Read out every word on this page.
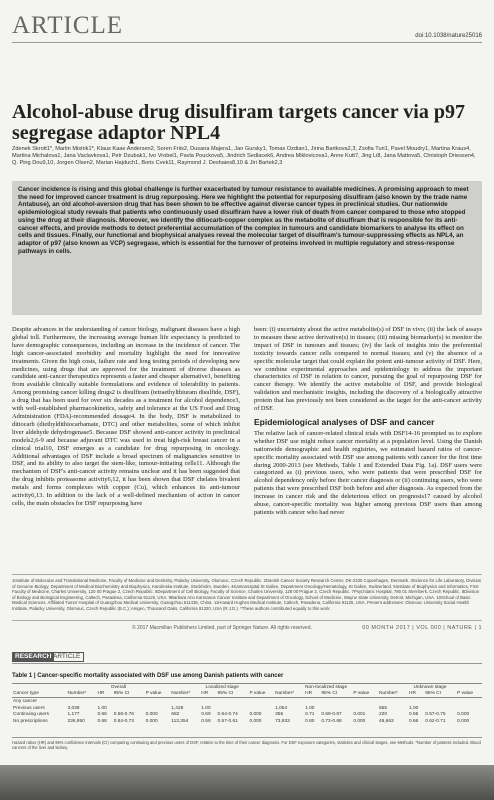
ARTICLE	doi:10.1038/nature25016
Alcohol-abuse drug disulfiram targets cancer via p97 segregase adaptor NPL4

Zdenek Skrott1*, Martin Mistrik1*, Klaus Kaae Andersen2, Soren Friis2, Dusana Majera1, Jan Gursky1, Tomas Ozdian1, Jirina Bartkova2,3, Zsofia Turi1, Pavel Moudry1, Martina Kraus4, Martina Michalova1, Jana Vaclavkova1, Petr Dzubak1, Ivo Vrobel1, Pavla Pouckova5, Jindrich Sedlacek6, Andrea Miklovicova1, Anne Kutt7, Jing Li8, Jana Mattova5, Christoph Driessen4, Q. Ping Dou9,10, Jorgen Olsen2, Marian Hajduch1, Boris Cvek11, Raymond J. Deshaies8,10 & Jiri Bartek2,3

Cancer incidence is rising and this global challenge is further exacerbated by tumour resistance to available medicines. A promising approach to meet the need for improved cancer treatment is drug repurposing. Here we highlight the potential for repurposing disulfiram (also known by the trade name Antabuse), an old alcohol-aversion drug that has been shown to be effective against diverse cancer types in preclinical studies. Our nationwide epidemiological study reveals that patients who continuously used disulfiram have a lower risk of death from cancer compared to those who stopped using the drug at their diagnosis. Moreover, we identify the ditiocarb-copper complex as the metabolite of disulfiram that is responsible for its anti-cancer effects, and provide methods to detect preferential accumulation of the complex in tumours and candidate biomarkers to analyse its effect on cells and tissues. Finally, our functional and biophysical analyses reveal the molecular target of disulfiram's tumour-suppressing effects as NPL4, an adaptor of p97 (also known as VCP) segregase, which is essential for the turnover of proteins involved in multiple regulatory and stress-response pathways in cells.

Despite advances in the understanding of cancer biology, malignant diseases have a high global toll. Furthermore, the increasing average human life expectancy is predicted to have demographic consequences, including an increase in the incidence of cancer. The high cancer-associated morbidity and mortality highlight the need for innovative treatments. Given the high costs, failure rate and long testing periods of developing new medicines, using drugs that are approved for the treatment of diverse diseases as candidate anti-cancer therapeutics represents a faster and cheaper alternative1, benefiting from available clinically suitable formulations and evidence of tolerability in patients. Among promising cancer killing drugs2 is disulfiram (tetraethylthiuram disulfide, DSF), a drug that has been used for over six decades as a treatment for alcohol dependence3, with well-established pharmacokinetics, safety and tolerance at the US Food and Drug Administration (FDA)-recommended dosage4. In the body, DSF is metabolized to ditiocarb (diethyldithiocarbamate, DTC) and other metabolites, some of which inhibit liver aldehyde dehydrogenase5. Because DSF showed anti-cancer activity in preclinical models2,6-9 and because adjuvant DTC was used to treat high-risk breast cancer in a clinical trial10, DSF emerges as a candidate for drug repurposing in oncology. Additional advantages of DSF include a broad spectrum of malignancies sensitive to DSF, and its ability to also target the stem-like, tumour-initiating cells11. Although the mechanism of DSF's anti-cancer activity remains unclear and it has been suggested that the drug inhibits proteasome activity6,12, it has been shown that DSF chelates bivalent metals and forms complexes with copper (Cu), which enhances its anti-tumour activity6,13. In addition to the lack of a well-defined mechanism of action in cancer cells, the main obstacles for DSF repurposing have

been: (i) uncertainty about the active metabolite(s) of DSF in vivo; (ii) the lack of assays to measure these active derivative(s) in tissues; (iii) missing biomarker(s) to monitor the impact of DSF in tumours and tissues; (iv) the lack of insights into the preferential toxicity towards cancer cells compared to normal tissues; and (v) the absence of a specific molecular target that could explain the potent anti-tumour activity of DSF. Here, we combine experimental approaches and epidemiology to address the important characteristics of DSF in relation to cancer, pursuing the goal of repurposing DSF for cancer therapy. We identify the active metabolite of DSF, and provide biological validation and mechanistic insights, including the discovery of a biologically attractive protein that has previously not been considered as the target for the anti-cancer activity of DSF.

Epidemiological analyses of DSF and cancer

The relative lack of cancer-related clinical trials with DSF14-16 prompted us to explore whether DSF use might reduce cancer mortality at a population level. Using the Danish nationwide demographic and health registries, we estimated hazard ratios of cancer-specific mortality associated with DSF use among patients with cancer for the first time during 2000-2013 (see Methods, Table 1 and Extended Data Fig. 1a). DSF users were categorized as (i) previous users, who were patients that were prescribed DSF for alcohol dependency only before their cancer diagnosis or (ii) continuing users, who were patients that were prescribed DSF both before and after diagnosis. As expected from the increase in cancer risk and the deleterious effect on prognosis17 caused by alcohol abuse, cancer-specific mortality was higher among previous DSF users than among patients with cancer who had never

1Institute of Molecular and Translational Medicine, Faculty of Medicine and Dentistry, Palacky University, Olomouc, Czech Republic. 2Danish Cancer Society Research Center, DK-2100 Copenhagen, Denmark. 3Science for Life Laboratory, Division of Genome Biology, Department of Medical Biochemistry and Biophysics, Karolinska Institute, Stockholm, Sweden. 4Kantonsspital St Gallen, Department Oncology/Hematology, St Gallen, Switzerland. 5Institute of Biophysics and Informatics, First Faculty of Medicine, Charles University, 120 00 Prague 2, Czech Republic. 6Department of Cell Biology, Faculty of Science, Charles University, 128 00 Prague 2, Czech Republic. 7Psychiatric Hospital, 780 01 Sternberk, Czech Republic. 8Division of Biology and Biological Engineering, Caltech, Pasadena, California 91125, USA. 9Barbara Ann Karmanos Cancer Institute and Department of Oncology, School of Medicine, Wayne State University, Detroit, Michigan, USA. 10School of Basic Medical Sciences, Affiliated Tumor Hospital of Guangzhou Medical University, Guangzhou 511436, China. 11Howard Hughes Medical Institute, Caltech, Pasadena, California 91125, USA. Present addresses: Olomouc University Social Health Institute, Palacky University, Olomouc, Czech Republic (B.C.); Amgen, Thousand Oaks, California 91320, USA (R.J.D.). *These authors contributed equally to this work.
© 2017 Macmillan Publishers Limited, part of Springer Nature. All rights reserved.	00 MONTH 2017 | VOL 000 | NATURE | 1
RESEARCH ARTICLE
Table 1 | Cancer-specific mortality associated with DSF use among Danish patients with cancer
	Overall				Localized stage				Non-localized stage				Unknown stage			
Cancer type	Number*	HR	95% CI	P value	Number*	HR	95% CI	P value	Number*	HR	95% CI	P value	Number*	HR	95% CI	P value
Any cancer																
Previous users	3,038	1.00			1,429	1.00			1,054	1.00			555	1.00		
Continuing users	1,177	0.66	0.58-0.76	0.000	682	0.69	0.64-0.74	0.000	355	0.71	0.59-0.87	0.001	220	0.65	0.57-0.75	0.000
No prescriptions	236,950	0.68	0.64-0.73	0.000	113,354	0.59	0.57-0.61	0.000	73,933	0.80	0.73-0.88	0.000	49,663	0.66	0.62-0.71	0.000
Hazard ratios (HR) and 95% confidence intervals (CI) comparing continuing and previous users of DSF, relative to the time of their cancer diagnosis. For DSF exposure categories, statistics and clinical stages, see Methods. *Number of patients included. Blood cancers of the liver and kidney.
